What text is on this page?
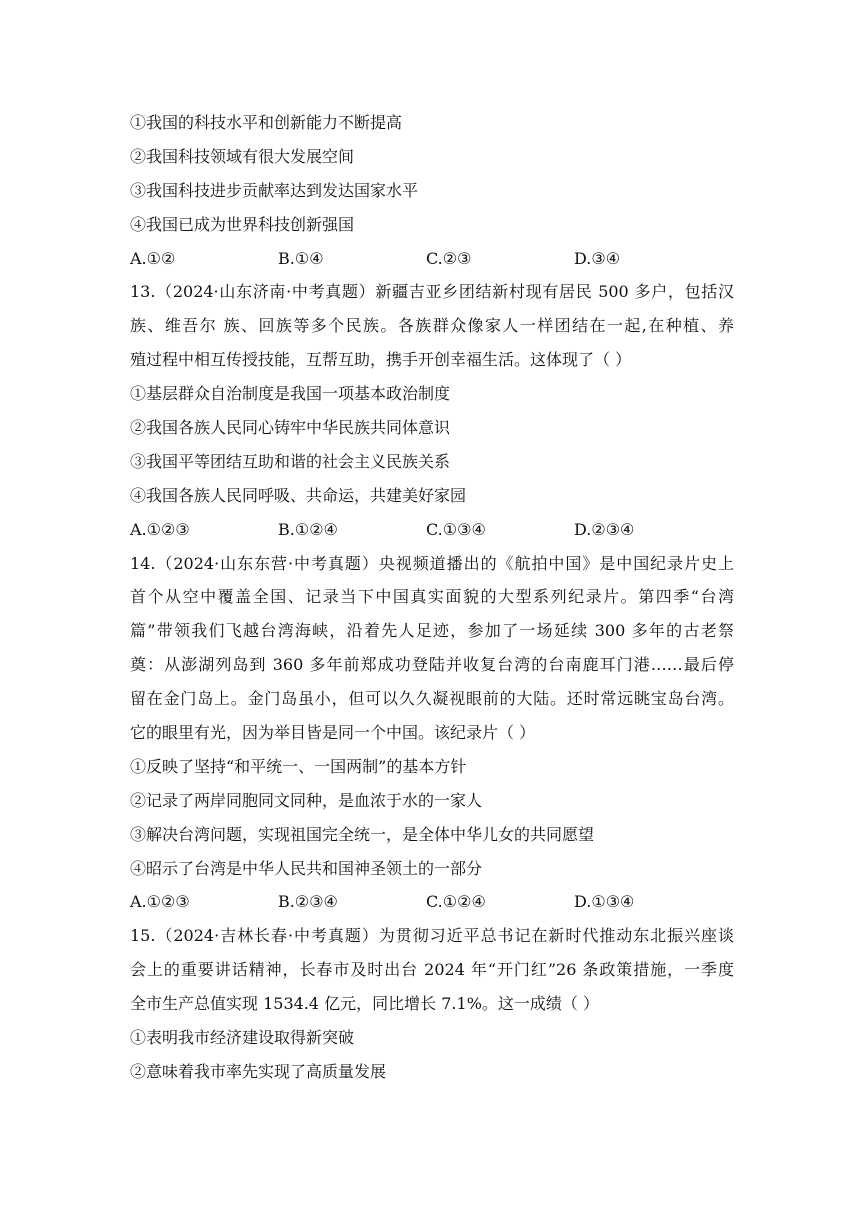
①我国的科技水平和创新能力不断提高
②我国科技领域有很大发展空间
③我国科技进步贡献率达到发达国家水平
④我国已成为世界科技创新强国
A.①②	B.①④	C.②③	D.③④
13.（2024·山东济南·中考真题）新疆吉亚乡团结新村现有居民 500 多户，包括汉
族、维吾尔 族、回族等多个民族。各族群众像家人一样团结在一起,在种植、养
殖过程中相互传授技能，互帮互助，携手开创幸福生活。这体现了（ ）
①基层群众自治制度是我国一项基本政治制度
②我国各族人民同心铸牢中华民族共同体意识
③我国平等团结互助和谐的社会主义民族关系
④我国各族人民同呼吸、共命运，共建美好家园
A.①②③	B.①②④	C.①③④	D.②③④
14.（2024·山东东营·中考真题）央视频道播出的《航拍中国》是中国纪录片史上
首个从空中覆盖全国、记录当下中国真实面貌的大型系列纪录片。第四季“台湾
篇”带领我们飞越台湾海峡，沿着先人足迹，参加了一场延续 300 多年的古老祭
奠：从澎湖列岛到 360 多年前郑成功登陆并收复台湾的台南鹿耳门港……最后停
留在金门岛上。金门岛虽小，但可以久久凝视眼前的大陆。还时常远眺宝岛台湾。
它的眼里有光，因为举目皆是同一个中国。该纪录片（ ）
①反映了坚持“和平统一、一国两制”的基本方针
②记录了两岸同胞同文同种，是血浓于水的一家人
③解决台湾问题，实现祖国完全统一，是全体中华儿女的共同愿望
④昭示了台湾是中华人民共和国神圣领土的一部分
A.①②③	B.②③④	C.①②④	D.①③④
15.（2024·吉林长春·中考真题）为贯彻习近平总书记在新时代推动东北振兴座谈
会上的重要讲话精神，长春市及时出台 2024 年“开门红”26 条政策措施，一季度
全市生产总值实现 1534.4 亿元，同比增长 7.1%。这一成绩（ ）
①表明我市经济建设取得新突破
②意味着我市率先实现了高质量发展
